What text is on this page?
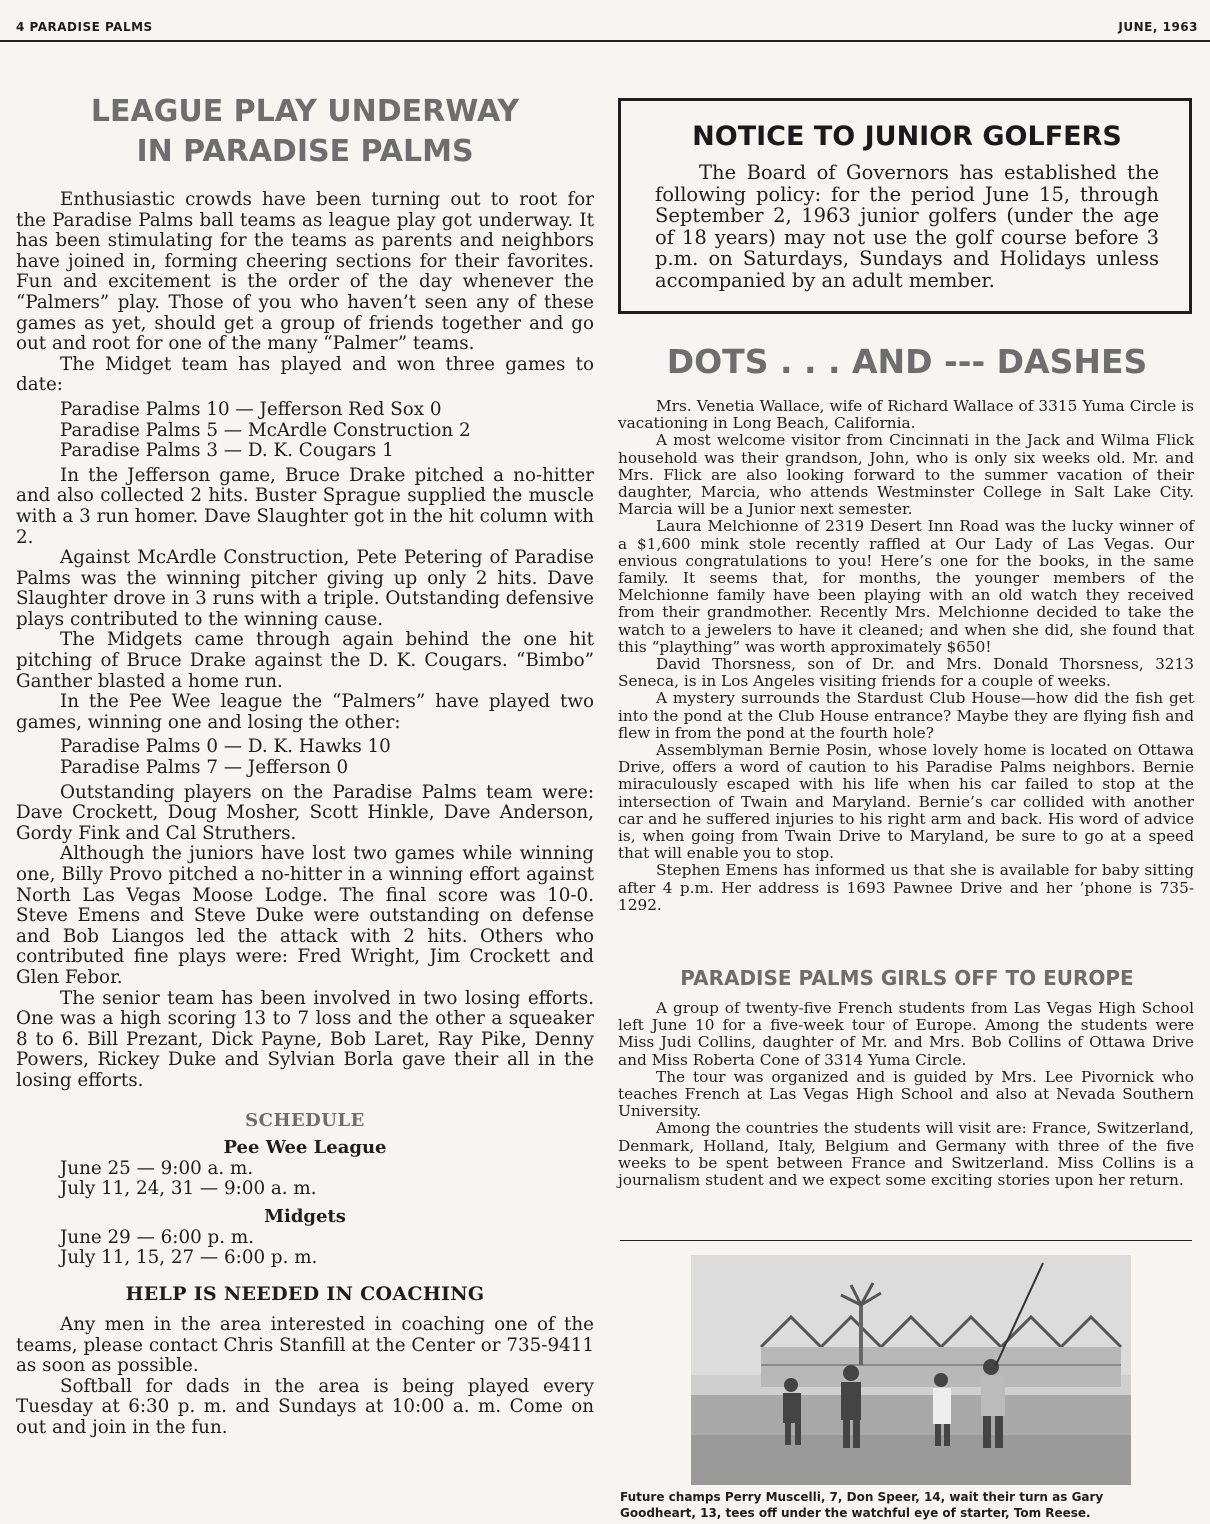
4 PARADISE PALMS	JUNE, 1963
LEAGUE PLAY UNDERWAY
IN PARADISE PALMS

Enthusiastic crowds have been turning out to root for the Paradise Palms ball teams as league play got underway. It has been stimulating for the teams as parents and neighbors have joined in, forming cheering sections for their favorites. Fun and excitement is the order of the day whenever the “Palmers” play. Those of you who haven’t seen any of these games as yet, should get a group of friends together and go out and root for one of the many “Palmer” teams.

The Midget team has played and won three games to date:

Paradise Palms 10 — Jefferson Red Sox 0

Paradise Palms 5 — McArdle Construction 2

Paradise Palms 3 — D. K. Cougars 1

In the Jefferson game, Bruce Drake pitched a no-hitter and also collected 2 hits. Buster Sprague supplied the muscle with a 3 run homer. Dave Slaughter got in the hit column with 2.

Against McArdle Construction, Pete Petering of Paradise Palms was the winning pitcher giving up only 2 hits. Dave Slaughter drove in 3 runs with a triple. Outstanding defensive plays contributed to the winning cause.

The Midgets came through again behind the one hit pitching of Bruce Drake against the D. K. Cougars. “Bimbo” Ganther blasted a home run.

In the Pee Wee league the “Palmers” have played two games, winning one and losing the other:

Paradise Palms 0 — D. K. Hawks 10

Paradise Palms 7 — Jefferson 0

Outstanding players on the Paradise Palms team were: Dave Crockett, Doug Mosher, Scott Hinkle, Dave Anderson, Gordy Fink and Cal Struthers.

Although the juniors have lost two games while winning one, Billy Provo pitched a no-hitter in a winning effort against North Las Vegas Moose Lodge. The final score was 10-0. Steve Emens and Steve Duke were outstanding on defense and Bob Liangos led the attack with 2 hits. Others who contributed fine plays were: Fred Wright, Jim Crockett and Glen Febor.

The senior team has been involved in two losing efforts. One was a high scoring 13 to 7 loss and the other a squeaker 8 to 6. Bill Prezant, Dick Payne, Bob Laret, Ray Pike, Denny Powers, Rickey Duke and Sylvian Borla gave their all in the losing efforts.

SCHEDULE
Pee Wee League

June 25 — 9:00 a. m.

July 11, 24, 31 — 9:00 a. m.

Midgets

June 29 — 6:00 p. m.

July 11, 15, 27 — 6:00 p. m.

HELP IS NEEDED IN COACHING

Any men in the area interested in coaching one of the teams, please contact Chris Stanfill at the Center or 735-9411 as soon as possible.

Softball for dads in the area is being played every Tuesday at 6:30 p. m. and Sundays at 10:00 a. m. Come on out and join in the fun.

NOTICE TO JUNIOR GOLFERS

The Board of Governors has established the following policy: for the period June 15, through September 2, 1963 junior golfers (under the age of 18 years) may not use the golf course before 3 p.m. on Saturdays, Sundays and Holidays unless accompanied by an adult member.

DOTS . . . AND --- DASHES

Mrs. Venetia Wallace, wife of Richard Wallace of 3315 Yuma Circle is vacationing in Long Beach, California.

A most welcome visitor from Cincinnati in the Jack and Wilma Flick household was their grandson, John, who is only six weeks old. Mr. and Mrs. Flick are also looking forward to the summer vacation of their daughter, Marcia, who attends Westminster College in Salt Lake City. Marcia will be a Junior next semester.

Laura Melchionne of 2319 Desert Inn Road was the lucky winner of a $1,600 mink stole recently raffled at Our Lady of Las Vegas. Our envious congratulations to you! Here’s one for the books, in the same family. It seems that, for months, the younger members of the Melchionne family have been playing with an old watch they received from their grandmother. Recently Mrs. Melchionne decided to take the watch to a jewelers to have it cleaned; and when she did, she found that this “plaything” was worth approximately $650!

David Thorsness, son of Dr. and Mrs. Donald Thorsness, 3213 Seneca, is in Los Angeles visiting friends for a couple of weeks.

A mystery surrounds the Stardust Club House—how did the fish get into the pond at the Club House entrance? Maybe they are flying fish and flew in from the pond at the fourth hole?

Assemblyman Bernie Posin, whose lovely home is located on Ottawa Drive, offers a word of caution to his Paradise Palms neighbors. Bernie miraculously escaped with his life when his car failed to stop at the intersection of Twain and Maryland. Bernie’s car collided with another car and he suffered injuries to his right arm and back. His word of advice is, when going from Twain Drive to Maryland, be sure to go at a speed that will enable you to stop.

Stephen Emens has informed us that she is available for baby sitting after 4 p.m. Her address is 1693 Pawnee Drive and her ’phone is 735-1292.

PARADISE PALMS GIRLS OFF TO EUROPE

A group of twenty-five French students from Las Vegas High School left June 10 for a five-week tour of Europe. Among the students were Miss Judi Collins, daughter of Mr. and Mrs. Bob Collins of Ottawa Drive and Miss Roberta Cone of 3314 Yuma Circle.

The tour was organized and is guided by Mrs. Lee Pivornick who teaches French at Las Vegas High School and also at Nevada Southern University.

Among the countries the students will visit are: France, Switzerland, Denmark, Holland, Italy, Belgium and Germany with three of the five weeks to be spent between France and Switzerland. Miss Collins is a journalism student and we expect some exciting stories upon her return.

Future champs Perry Muscelli, 7, Don Speer, 14, wait their turn as Gary
Goodheart, 13, tees off under the watchful eye of starter, Tom Reese.
